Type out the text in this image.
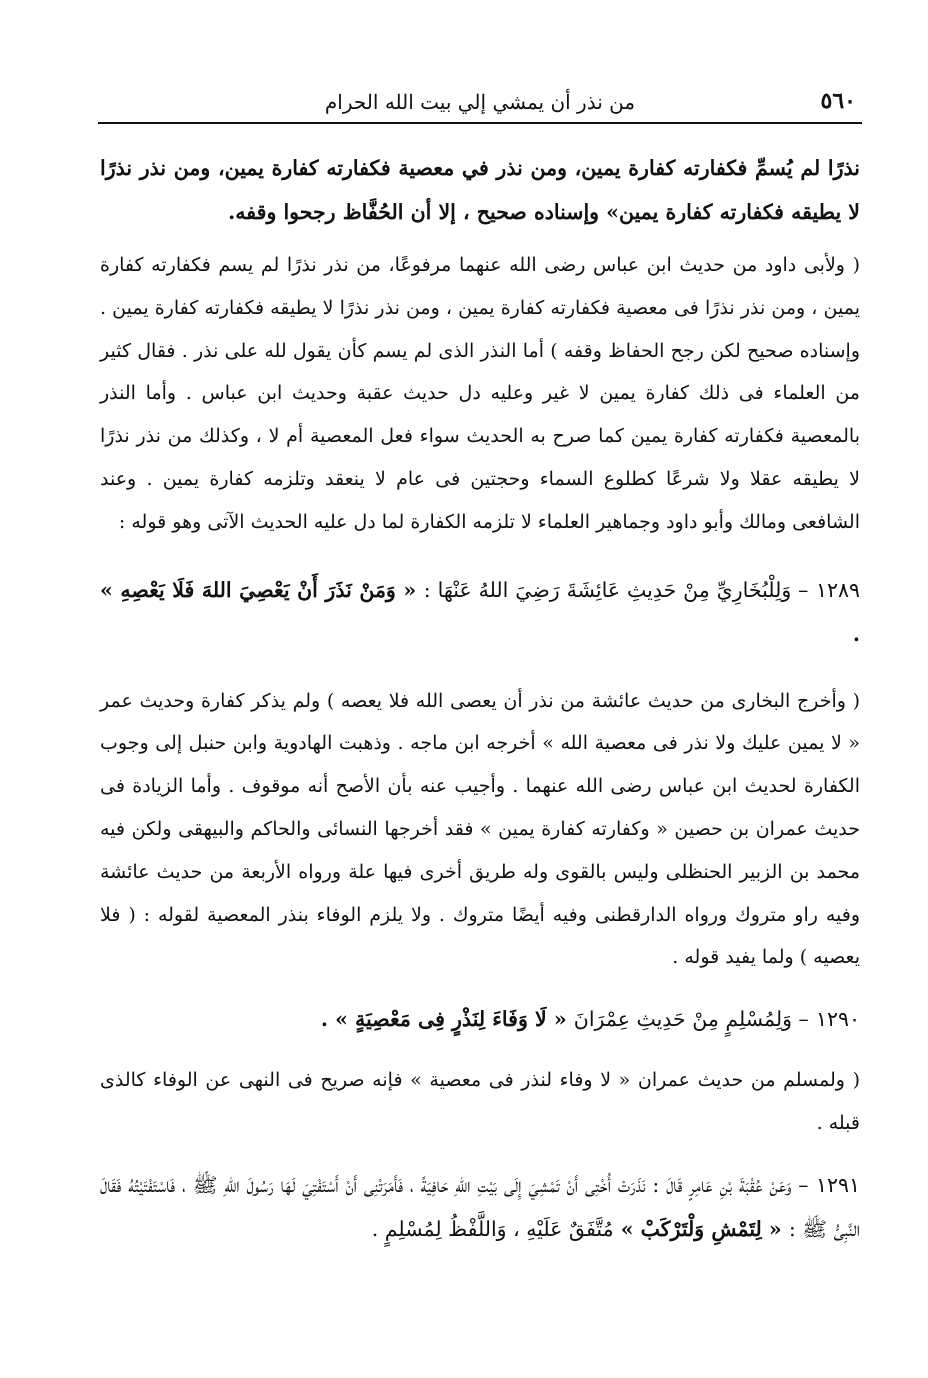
٥٦٠
من نذر أن يمشي إلي بيت الله الحرام

نذرًا لم يُسمِّ فكفارته كفارة يمين، ومن نذر في معصية فكفارته كفارة يمين، ومن نذر نذرًا لا يطيقه فكفارته كفارة يمين» وإسناده صحيح ، إلا أن الحُفَّاظ رجحوا وقفه.

( ولأبى داود من حديث ابن عباس رضى الله عنهما مرفوعًا، من نذر نذرًا لم يسم فكفارته كفارة يمين ، ومن نذر نذرًا فى معصية فكفارته كفارة يمين ، ومن نذر نذرًا لا يطيقه فكفارته كفارة يمين . وإسناده صحيح لكن رجح الحفاظ وقفه ) أما النذر الذى لم يسم كأن يقول لله على نذر . فقال كثير من العلماء فى ذلك كفارة يمين لا غير وعليه دل حديث عقبة وحديث ابن عباس . وأما النذر بالمعصية فكفارته كفارة يمين كما صرح به الحديث سواء فعل المعصية أم لا ، وكذلك من نذر نذرًا لا يطيقه عقلا ولا شرعًا كطلوع السماء وحجتين فى عام لا ينعقد وتلزمه كفارة يمين . وعند الشافعى ومالك وأبو داود وجماهير العلماء لا تلزمه الكفارة لما دل عليه الحديث الآتى وهو قوله :

١٢٨٩ – وَلِلْبُخَارِيِّ مِنْ حَدِيثِ عَائِشَةَ رَضِيَ اللهُ عَنْهَا : « وَمَنْ نَذَرَ أَنْ يَعْصِيَ اللهَ فَلَا يَعْصِهِ » .

( وأخرج البخارى من حديث عائشة من نذر أن يعصى الله فلا يعصه ) ولم يذكر كفارة وحديث عمر « لا يمين عليك ولا نذر فى معصية الله » أخرجه ابن ماجه . وذهبت الهادوية وابن حنبل إلى وجوب الكفارة لحديث ابن عباس رضى الله عنهما . وأجيب عنه بأن الأصح أنه موقوف . وأما الزيادة فى حديث عمران بن حصين « وكفارته كفارة يمين » فقد أخرجها النسائى والحاكم والبيهقى ولكن فيه محمد بن الزبير الحنظلى وليس بالقوى وله طريق أخرى فيها علة ورواه الأربعة من حديث عائشة وفيه راو متروك ورواه الدارقطنى وفيه أيضًا متروك . ولا يلزم الوفاء بنذر المعصية لقوله : ( فلا يعصيه ) ولما يفيد قوله .

١٢٩٠ – وَلِمُسْلِمٍ مِنْ حَدِيثِ عِمْرَانَ « لَا وَفَاءَ لِنَذْرٍ فِى مَعْصِيَةٍ » .

( ولمسلم من حديث عمران « لا وفاء لنذر فى معصية » فإنه صريح فى النهى عن الوفاء كالذى قبله .

١٢٩١ – وَعَنْ عُقْبَةَ بْنِ عَامِرٍ قَالَ : نَذَرَتْ أُخْتِى أَنْ تَمْشِيَ إِلَى بَيْتِ اللهِ حَافِيَةً ، فَأَمَرَتْنِى أَنْ أَسْتَفْتِيَ لَهَا رَسُولَ اللهِ ﷺ ، فَاسْتَفْتَيْتُهُ فَقَالَ النَّبِىُّ ﷺ : « لِتَمْشِ وَلْتَرْكَبْ » مُتَّفَقٌ عَلَيْهِ ، وَاللَّفْظُ لِمُسْلِمٍ .
